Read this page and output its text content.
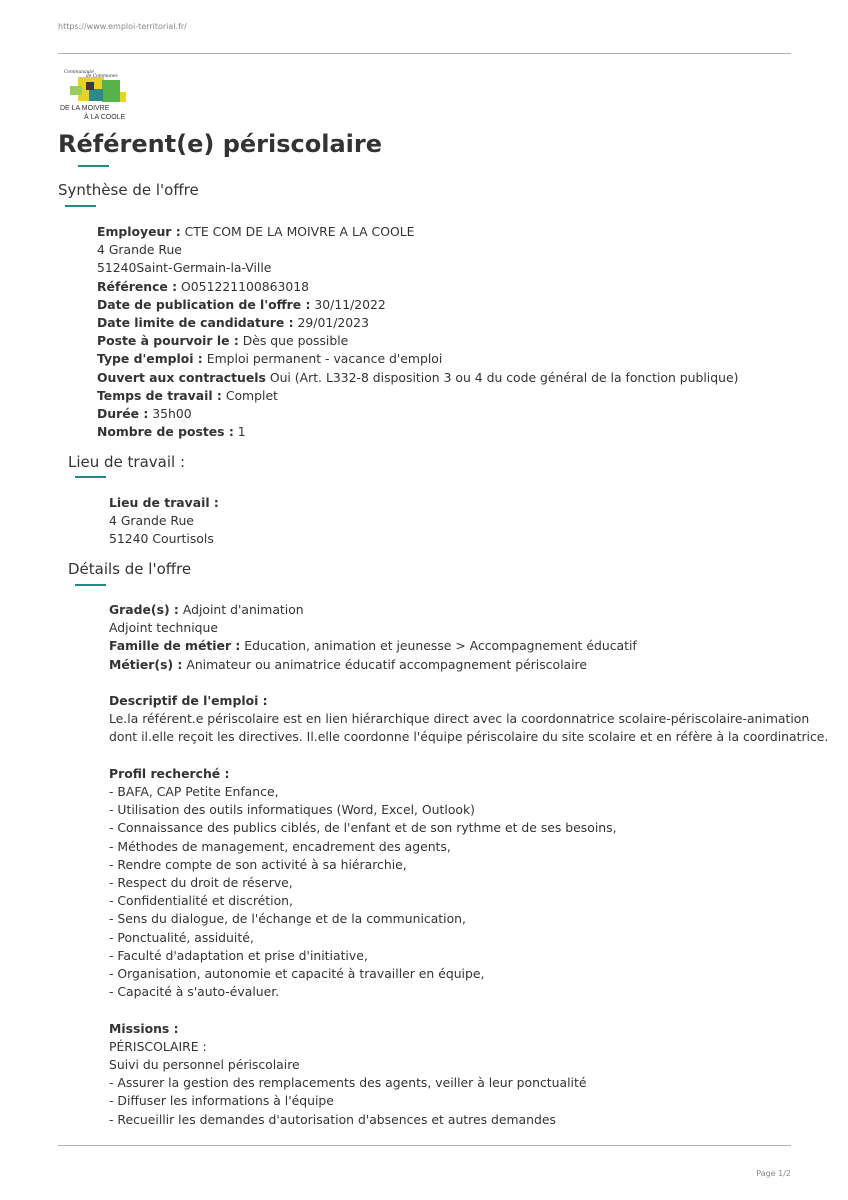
https://www.emploi-territorial.fr/
Communauté
de Communes
DE LA MOIVRE
À LA COOLE
Référent(e) périscolaire
Synthèse de l'offre
Employeur : CTE COM DE LA MOIVRE A LA COOLE
4 Grande Rue
51240Saint-Germain-la-Ville
Référence : O051221100863018
Date de publication de l'offre : 30/11/2022
Date limite de candidature : 29/01/2023
Poste à pourvoir le : Dès que possible
Type d'emploi : Emploi permanent - vacance d'emploi
Ouvert aux contractuels Oui (Art. L332-8 disposition 3 ou 4 du code général de la fonction publique)
Temps de travail : Complet
Durée : 35h00
Nombre de postes : 1
Lieu de travail :
Lieu de travail :
4 Grande Rue
51240 Courtisols
Détails de l'offre
Grade(s) : Adjoint d'animation
Adjoint technique
Famille de métier : Education, animation et jeunesse > Accompagnement éducatif
Métier(s) : Animateur ou animatrice éducatif accompagnement périscolaire
Descriptif de l'emploi :
Le.la référent.e périscolaire est en lien hiérarchique direct avec la coordonnatrice scolaire-périscolaire-animation
dont il.elle reçoit les directives. Il.elle coordonne l'équipe périscolaire du site scolaire et en réfère à la coordinatrice.
Profil recherché :
- BAFA, CAP Petite Enfance,
- Utilisation des outils informatiques (Word, Excel, Outlook)
- Connaissance des publics ciblés, de l'enfant et de son rythme et de ses besoins,
- Méthodes de management, encadrement des agents,
- Rendre compte de son activité à sa hiérarchie,
- Respect du droit de réserve,
- Confidentialité et discrétion,
- Sens du dialogue, de l'échange et de la communication,
- Ponctualité, assiduité,
- Faculté d'adaptation et prise d'initiative,
- Organisation, autonomie et capacité à travailler en équipe,
- Capacité à s'auto-évaluer.
Missions :
PÉRISCOLAIRE :
Suivi du personnel périscolaire
- Assurer la gestion des remplacements des agents, veiller à leur ponctualité
- Diffuser les informations à l'équipe
- Recueillir les demandes d'autorisation d'absences et autres demandes
Page 1/2
